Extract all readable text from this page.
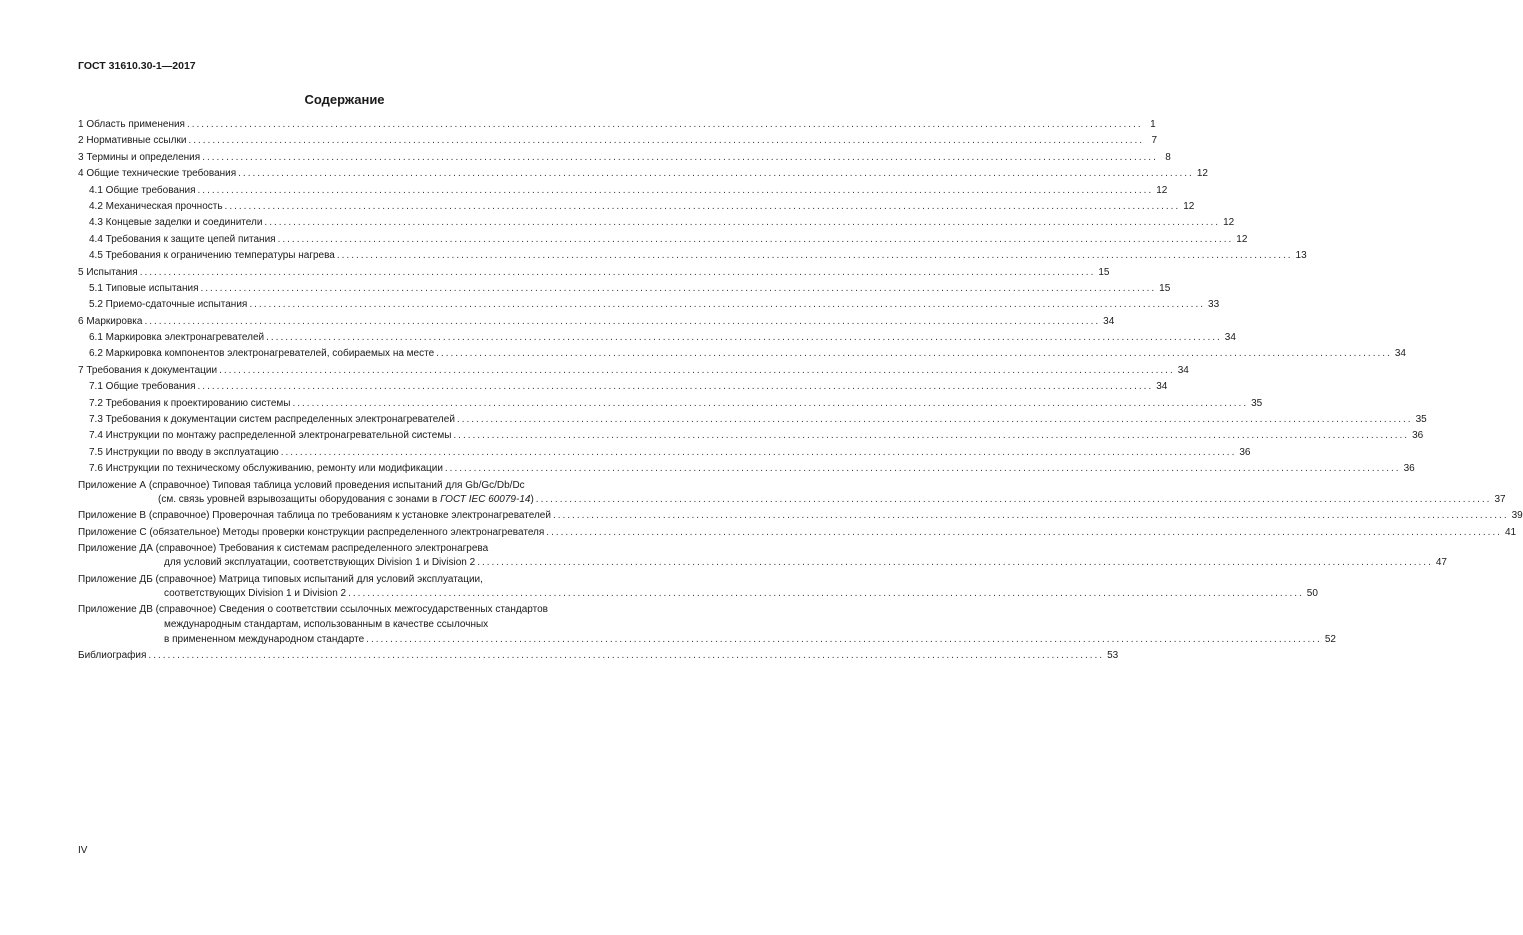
ГОСТ 31610.30-1—2017
Содержание
1 Область применения ........................................................................................................................................................................................................ 1
2 Нормативные ссылки ........................................................................................................................................................................................................ 7
3 Термины и определения ........................................................................................................................................................................................................ 8
4 Общие технические требования ........................................................................................................................................................................................................ 12
4.1 Общие требования ........................................................................................................................................................................................................ 12
4.2 Механическая прочность ........................................................................................................................................................................................................ 12
4.3 Концевые заделки и соединители ........................................................................................................................................................................................................ 12
4.4 Требования к защите цепей питания ........................................................................................................................................................................................................ 12
4.5 Требования к ограничению температуры нагрева ........................................................................................................................................................................................................ 13
5 Испытания ........................................................................................................................................................................................................ 15
5.1 Типовые испытания ........................................................................................................................................................................................................ 15
5.2 Приемо-сдаточные испытания ........................................................................................................................................................................................................ 33
6 Маркировка ........................................................................................................................................................................................................ 34
6.1 Маркировка электронагревателей ........................................................................................................................................................................................................ 34
6.2 Маркировка компонентов электронагревателей, собираемых на месте ........................................................................................................................................................................................................ 34
7 Требования к документации ........................................................................................................................................................................................................ 34
7.1 Общие требования ........................................................................................................................................................................................................ 34
7.2 Требования к проектированию системы ........................................................................................................................................................................................................ 35
7.3 Требования к документации систем распределенных электронагревателей ........................................................................................................................................................................................................ 35
7.4 Инструкции по монтажу распределенной электронагревательной системы ........................................................................................................................................................................................................ 36
7.5 Инструкции по вводу в эксплуатацию ........................................................................................................................................................................................................ 36
7.6 Инструкции по техническому обслуживанию, ремонту или модификации ........................................................................................................................................................................................................ 36
Приложение А (справочное) Типовая таблица условий проведения испытаний для Gb/Gc/Db/Dc
(см. связь уровней взрывозащиты оборудования с зонами в ГОСТ IEC 60079-14) ........................................................................................................................................................................................................ 37
Приложение В (справочное) Проверочная таблица по требованиям к установке электронагревателей ........................................................................................................................................................................................................ 39
Приложение С (обязательное) Методы проверки конструкции распределенного электронагревателя ........................................................................................................................................................................................................ 41
Приложение ДА (справочное) Требования к системам распределенного электронагрева
для условий эксплуатации, соответствующих Division 1 и Division 2 ........................................................................................................................................................................................................ 47
Приложение ДБ (справочное) Матрица типовых испытаний для условий эксплуатации,
соответствующих Division 1 и Division 2 ........................................................................................................................................................................................................ 50
Приложение ДВ (справочное) Сведения о соответствии ссылочных межгосударственных стандартов
международным стандартам, использованным в качестве ссылочных
в примененном международном стандарте ........................................................................................................................................................................................................ 52
Библиография ........................................................................................................................................................................................................ 53
IV
